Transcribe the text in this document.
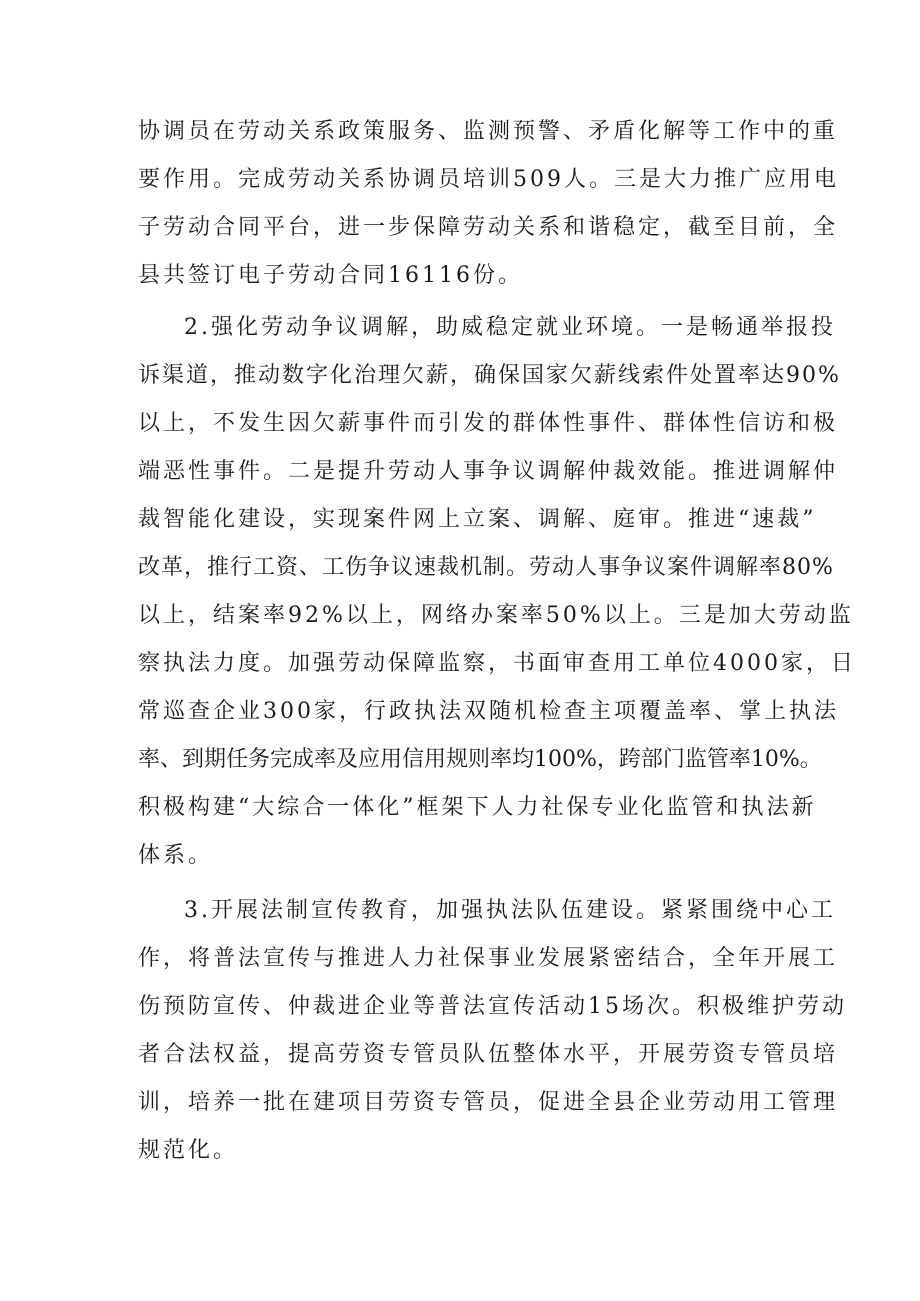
协调员在劳动关系政策服务、监测预警、矛盾化解等工作中的重
要作用。完成劳动关系协调员培训509人。三是大力推广应用电
子劳动合同平台，进一步保障劳动关系和谐稳定，截至目前，全
县共签订电子劳动合同16116份。
2.强化劳动争议调解，助威稳定就业环境。一是畅通举报投
诉渠道，推动数字化治理欠薪，确保国家欠薪线索件处置率达90%
以上，不发生因欠薪事件而引发的群体性事件、群体性信访和极
端恶性事件。二是提升劳动人事争议调解仲裁效能。推进调解仲
裁智能化建设，实现案件网上立案、调解、庭审。推进“速裁”
改革，推行工资、工伤争议速裁机制。劳动人事争议案件调解率80%
以上，结案率92%以上，网络办案率50%以上。三是加大劳动监
察执法力度。加强劳动保障监察，书面审查用工单位4000家，日
常巡查企业300家，行政执法双随机检查主项覆盖率、掌上执法
率、到期任务完成率及应用信用规则率均100%，跨部门监管率10%。
积极构建“大综合一体化”框架下人力社保专业化监管和执法新
体系。
3.开展法制宣传教育，加强执法队伍建设。紧紧围绕中心工
作，将普法宣传与推进人力社保事业发展紧密结合，全年开展工
伤预防宣传、仲裁进企业等普法宣传活动15场次。积极维护劳动
者合法权益，提高劳资专管员队伍整体水平，开展劳资专管员培
训，培养一批在建项目劳资专管员，促进全县企业劳动用工管理
规范化。
